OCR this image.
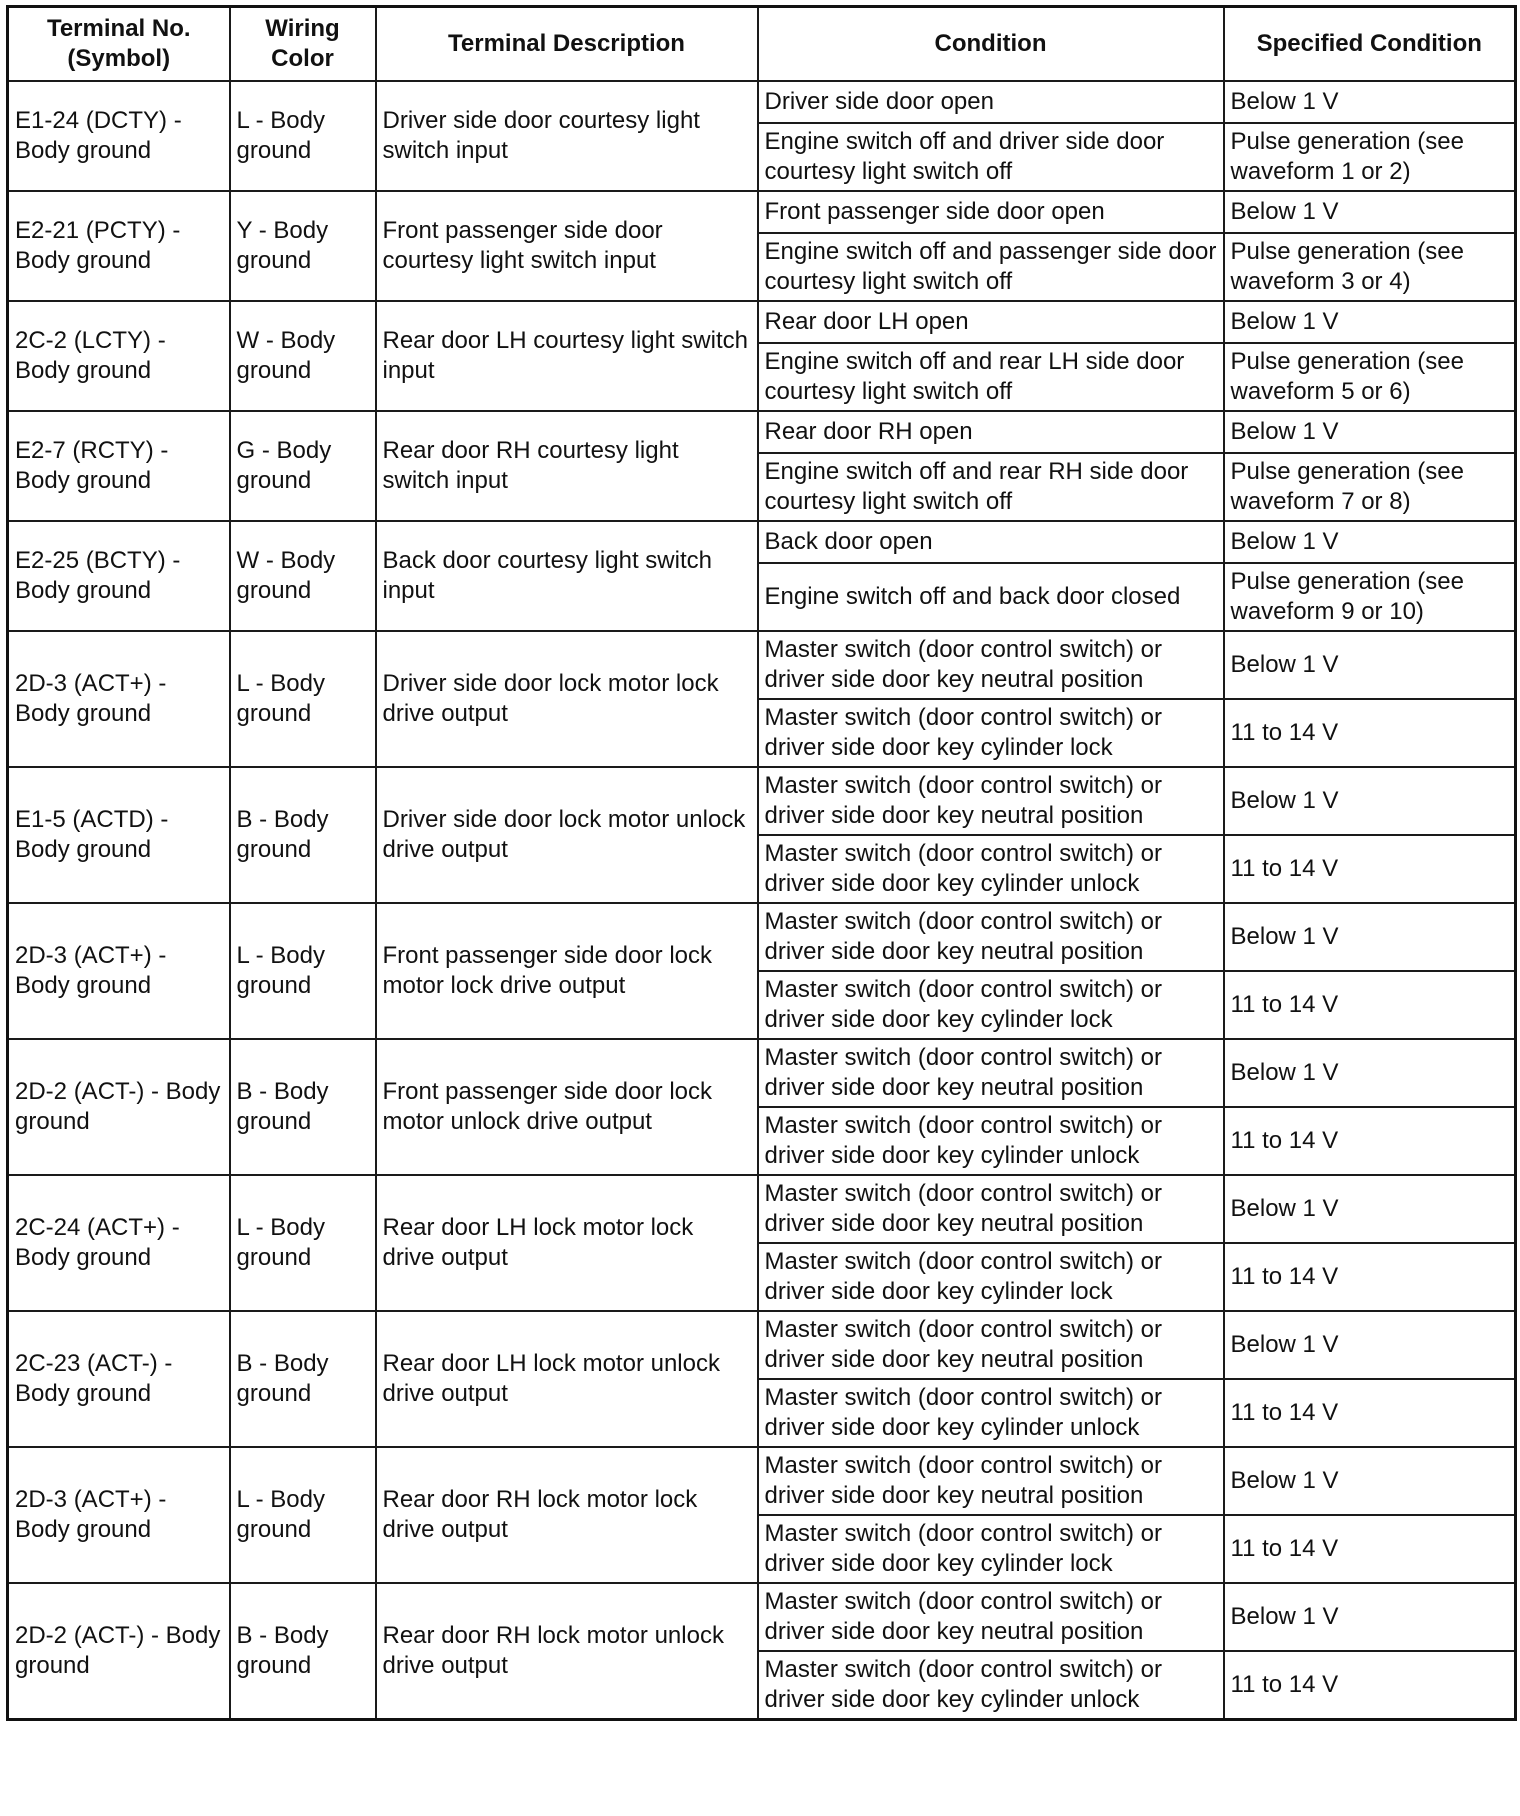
Terminal No. (Symbol)	Wiring Color	Terminal Description	Condition	Specified Condition
E1-24 (DCTY) - Body ground	L - Body ground	Driver side door courtesy light switch input	Driver side door open	Below 1 V
			Engine switch off and driver side door courtesy light switch off	Pulse generation (see waveform 1 or 2)
E2-21 (PCTY) - Body ground	Y - Body ground	Front passenger side door courtesy light switch input	Front passenger side door open	Below 1 V
			Engine switch off and passenger side door courtesy light switch off	Pulse generation (see waveform 3 or 4)
2C-2 (LCTY) - Body ground	W - Body ground	Rear door LH courtesy light switch input	Rear door LH open	Below 1 V
			Engine switch off and rear LH side door courtesy light switch off	Pulse generation (see waveform 5 or 6)
E2-7 (RCTY) - Body ground	G - Body ground	Rear door RH courtesy light switch input	Rear door RH open	Below 1 V
			Engine switch off and rear RH side door courtesy light switch off	Pulse generation (see waveform 7 or 8)
E2-25 (BCTY) - Body ground	W - Body ground	Back door courtesy light switch input	Back door open	Below 1 V
			Engine switch off and back door closed	Pulse generation (see waveform 9 or 10)
2D-3 (ACT+) - Body ground	L - Body ground	Driver side door lock motor lock drive output	Master switch (door control switch) or driver side door key neutral position	Below 1 V
			Master switch (door control switch) or driver side door key cylinder lock	11 to 14 V
E1-5 (ACTD) - Body ground	B - Body ground	Driver side door lock motor unlock drive output	Master switch (door control switch) or driver side door key neutral position	Below 1 V
			Master switch (door control switch) or driver side door key cylinder unlock	11 to 14 V
2D-3 (ACT+) - Body ground	L - Body ground	Front passenger side door lock motor lock drive output	Master switch (door control switch) or driver side door key neutral position	Below 1 V
			Master switch (door control switch) or driver side door key cylinder lock	11 to 14 V
2D-2 (ACT-) - Body ground	B - Body ground	Front passenger side door lock motor unlock drive output	Master switch (door control switch) or driver side door key neutral position	Below 1 V
			Master switch (door control switch) or driver side door key cylinder unlock	11 to 14 V
2C-24 (ACT+) - Body ground	L - Body ground	Rear door LH lock motor lock drive output	Master switch (door control switch) or driver side door key neutral position	Below 1 V
			Master switch (door control switch) or driver side door key cylinder lock	11 to 14 V
2C-23 (ACT-) - Body ground	B - Body ground	Rear door LH lock motor unlock drive output	Master switch (door control switch) or driver side door key neutral position	Below 1 V
			Master switch (door control switch) or driver side door key cylinder unlock	11 to 14 V
2D-3 (ACT+) - Body ground	L - Body ground	Rear door RH lock motor lock drive output	Master switch (door control switch) or driver side door key neutral position	Below 1 V
			Master switch (door control switch) or driver side door key cylinder lock	11 to 14 V
2D-2 (ACT-) - Body ground	B - Body ground	Rear door RH lock motor unlock drive output	Master switch (door control switch) or driver side door key neutral position	Below 1 V
			Master switch (door control switch) or driver side door key cylinder unlock	11 to 14 V
